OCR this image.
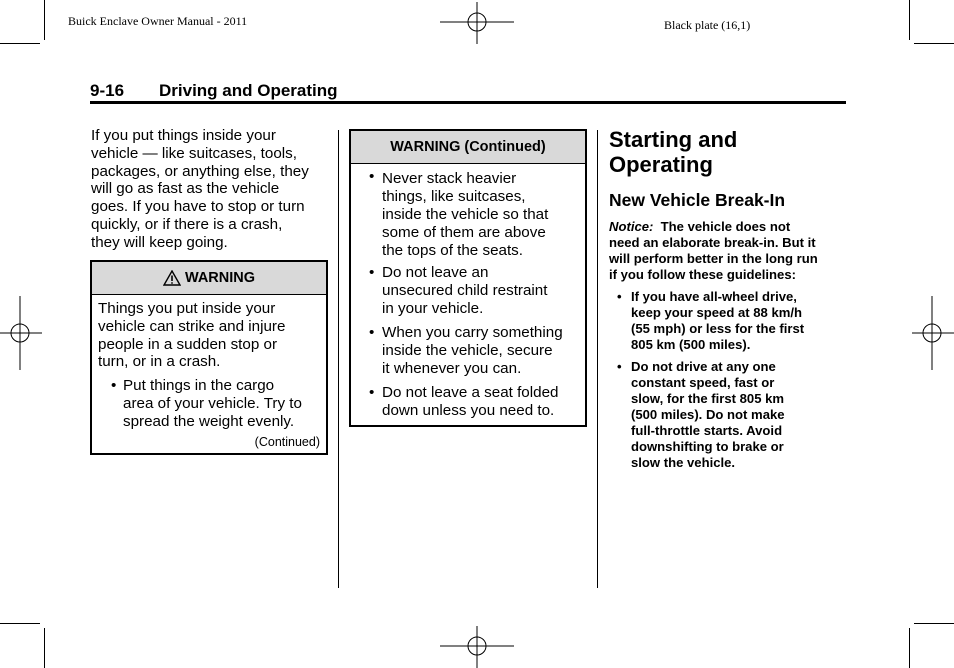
Buick Enclave Owner Manual - 2011	Black plate (16,1)
9-16 Driving and Operating
If you put things inside your
vehicle — like suitcases, tools,
packages, or anything else, they
will go as fast as the vehicle
goes. If you have to stop or turn
quickly, or if there is a crash,
they will keep going.
WARNING
Things you put inside your
vehicle can strike and injure
people in a sudden stop or
turn, or in a crash.
• Put things in the cargo
area of your vehicle. Try to
spread the weight evenly.
(Continued)
WARNING (Continued)
• Never stack heavier
things, like suitcases,
inside the vehicle so that
some of them are above
the tops of the seats.
• Do not leave an
unsecured child restraint
in your vehicle.
• When you carry something
inside the vehicle, secure
it whenever you can.
• Do not leave a seat folded
down unless you need to.
Starting and
Operating
New Vehicle Break-In
Notice: The vehicle does not
need an elaborate break-in. But it
will perform better in the long run
if you follow these guidelines:
• If you have all-wheel drive,
keep your speed at 88 km/h
(55 mph) or less for the first
805 km (500 miles).
• Do not drive at any one
constant speed, fast or
slow, for the first 805 km
(500 miles). Do not make
full-throttle starts. Avoid
downshifting to brake or
slow the vehicle.
